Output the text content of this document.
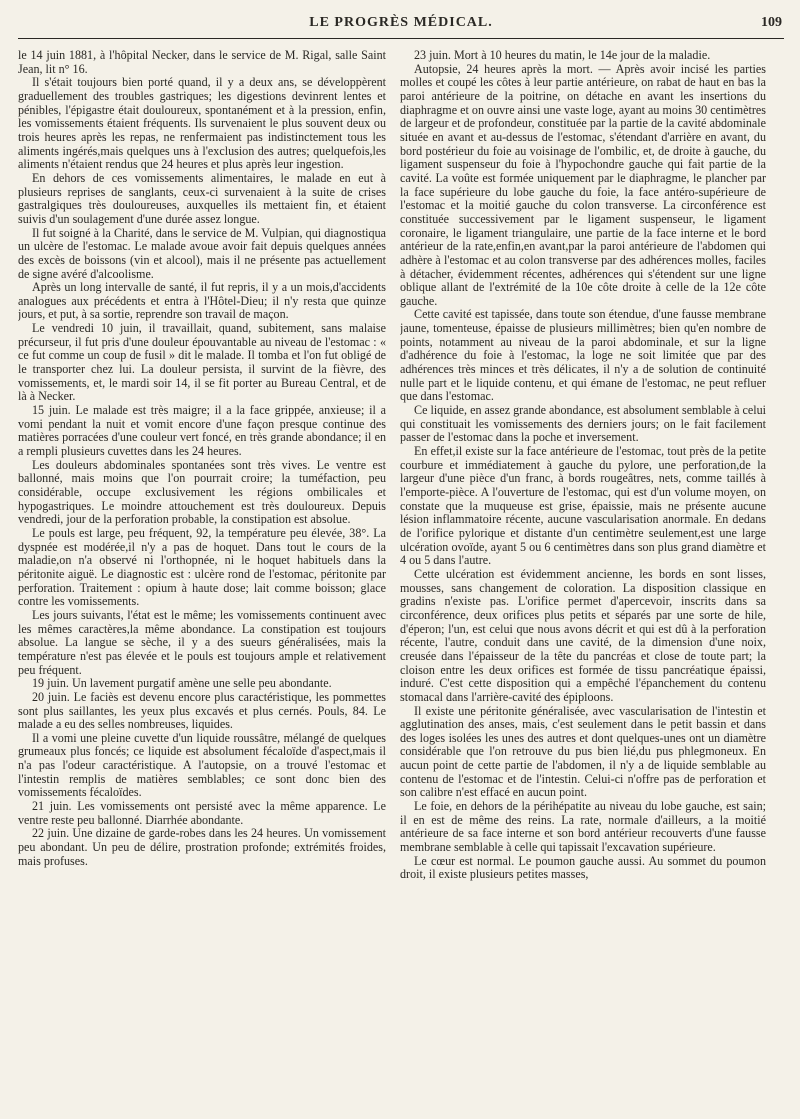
LE PROGRÈS MÉDICAL.	109

le 14 juin 1881, à l'hôpital Necker, dans le service de M. Rigal, salle Saint Jean, lit n° 16.

Il s'était toujours bien porté quand, il y a deux ans, se développèrent graduellement des troubles gastriques; les digestions devinrent lentes et pénibles, l'épigastre était douloureux, spontanément et à la pression, enfin, les vomissements étaient fréquents. Ils survenaient le plus souvent deux ou trois heures après les repas, ne renfermaient pas indistinctement tous les aliments ingérés,mais quelques uns à l'exclusion des autres; quelquefois,les aliments n'étaient rendus que 24 heures et plus après leur ingestion.

En dehors de ces vomissements alimentaires, le malade en eut à plusieurs reprises de sanglants, ceux-ci survenaient à la suite de crises gastralgiques très douloureuses, auxquelles ils mettaient fin, et étaient suivis d'un soulagement d'une durée assez longue.

Il fut soigné à la Charité, dans le service de M. Vulpian, qui diagnostiqua un ulcère de l'estomac. Le malade avoue avoir fait depuis quelques années des excès de boissons (vin et alcool), mais il ne présente pas actuellement de signe avéré d'alcoolisme.

Après un long intervalle de santé, il fut repris, il y a un mois,d'accidents analogues aux précédents et entra à l'Hôtel-Dieu; il n'y resta que quinze jours, et put, à sa sortie, reprendre son travail de maçon.

Le vendredi 10 juin, il travaillait, quand, subitement, sans malaise précurseur, il fut pris d'une douleur épouvantable au niveau de l'estomac : « ce fut comme un coup de fusil » dit le malade. Il tomba et l'on fut obligé de le transporter chez lui. La douleur persista, il survint de la fièvre, des vomissements, et, le mardi soir 14, il se fit porter au Bureau Central, et de là à Necker.

15 juin. Le malade est très maigre; il a la face grippée, anxieuse; il a vomi pendant la nuit et vomit encore d'une façon presque continue des matières porracées d'une couleur vert foncé, en très grande abondance; il en a rempli plusieurs cuvettes dans les 24 heures.

Les douleurs abdominales spontanées sont très vives. Le ventre est ballonné, mais moins que l'on pourrait croire; la tuméfaction, peu considérable, occupe exclusivement les régions ombilicales et hypogastriques. Le moindre attouchement est très douloureux. Depuis vendredi, jour de la perforation probable, la constipation est absolue.

Le pouls est large, peu fréquent, 92, la température peu élevée, 38°. La dyspnée est modérée,il n'y a pas de hoquet. Dans tout le cours de la maladie,on n'a observé ni l'orthopnée, ni le hoquet habituels dans la péritonite aiguë. Le diagnostic est : ulcère rond de l'estomac, péritonite par perforation. Traitement : opium à haute dose; lait comme boisson; glace contre les vomissements.

Les jours suivants, l'état est le même; les vomissements continuent avec les mêmes caractères,la même abondance. La constipation est toujours absolue. La langue se sèche, il y a des sueurs généralisées, mais la température n'est pas élevée et le pouls est toujours ample et relativement peu fréquent.

19 juin. Un lavement purgatif amène une selle peu abondante.

20 juin. Le faciès est devenu encore plus caractéristique, les pommettes sont plus saillantes, les yeux plus excavés et plus cernés. Pouls, 84. Le malade a eu des selles nombreuses, liquides.

Il a vomi une pleine cuvette d'un liquide roussâtre, mélangé de quelques grumeaux plus foncés; ce liquide est absolument fécaloïde d'aspect,mais il n'a pas l'odeur caractéristique. A l'autopsie, on a trouvé l'estomac et l'intestin remplis de matières semblables; ce sont donc bien des vomissements fécaloïdes.

21 juin. Les vomissements ont persisté avec la même apparence. Le ventre reste peu ballonné. Diarrhée abondante.

22 juin. Une dizaine de garde-robes dans les 24 heures. Un vomissement peu abondant. Un peu de délire, prostration profonde; extrémités froides, mais profuses.

23 juin. Mort à 10 heures du matin, le 14e jour de la maladie.

Autopsie, 24 heures après la mort. — Après avoir incisé les parties molles et coupé les côtes à leur partie antérieure, on rabat de haut en bas la paroi antérieure de la poitrine, on détache en avant les insertions du diaphragme et on ouvre ainsi une vaste loge, ayant au moins 30 centimètres de largeur et de profondeur, constituée par la partie de la cavité abdominale située en avant et au-dessus de l'estomac, s'étendant d'arrière en avant, du bord postérieur du foie au voisinage de l'ombilic, et, de droite à gauche, du ligament suspenseur du foie à l'hypochondre gauche qui fait partie de la cavité. La voûte est formée uniquement par le diaphragme, le plancher par la face supérieure du lobe gauche du foie, la face antéro-supérieure de l'estomac et la moitié gauche du colon transverse. La circonférence est constituée successivement par le ligament suspenseur, le ligament coronaire, le ligament triangulaire, une partie de la face interne et le bord antérieur de la rate,enfin,en avant,par la paroi antérieure de l'abdomen qui adhère à l'estomac et au colon transverse par des adhérences molles, faciles à détacher, évidemment récentes, adhérences qui s'étendent sur une ligne oblique allant de l'extrémité de la 10e côte droite à celle de la 12e côte gauche.

Cette cavité est tapissée, dans toute son étendue, d'une fausse membrane jaune, tomenteuse, épaisse de plusieurs millimètres; bien qu'en nombre de points, notamment au niveau de la paroi abdominale, et sur la ligne d'adhérence du foie à l'estomac, la loge ne soit limitée que par des adhérences très minces et très délicates, il n'y a de solution de continuité nulle part et le liquide contenu, et qui émane de l'estomac, ne peut refluer que dans l'estomac.

Ce liquide, en assez grande abondance, est absolument semblable à celui qui constituait les vomissements des derniers jours; on le fait facilement passer de l'estomac dans la poche et inversement.

En effet,il existe sur la face antérieure de l'estomac, tout près de la petite courbure et immédiatement à gauche du pylore, une perforation,de la largeur d'une pièce d'un franc, à bords rougeâtres, nets, comme taillés à l'emporte-pièce. A l'ouverture de l'estomac, qui est d'un volume moyen, on constate que la muqueuse est grise, épaissie, mais ne présente aucune lésion inflammatoire récente, aucune vascularisation anormale. En dedans de l'orifice pylorique et distante d'un centimètre seulement,est une large ulcération ovoïde, ayant 5 ou 6 centimètres dans son plus grand diamètre et 4 ou 5 dans l'autre.

Cette ulcération est évidemment ancienne, les bords en sont lisses, mousses, sans changement de coloration. La disposition classique en gradins n'existe pas. L'orifice permet d'apercevoir, inscrits dans sa circonférence, deux orifices plus petits et séparés par une sorte de hile, d'éperon; l'un, est celui que nous avons décrit et qui est dû à la perforation récente, l'autre, conduit dans une cavité, de la dimension d'une noix, creusée dans l'épaisseur de la tête du pancréas et close de toute part; la cloison entre les deux orifices est formée de tissu pancréatique épaissi, induré. C'est cette disposition qui a empêché l'épanchement du contenu stomacal dans l'arrière-cavité des épiploons.

Il existe une péritonite généralisée, avec vascularisation de l'intestin et agglutination des anses, mais, c'est seulement dans le petit bassin et dans des loges isolées les unes des autres et dont quelques-unes ont un diamètre considérable que l'on retrouve du pus bien lié,du pus phlegmoneux. En aucun point de cette partie de l'abdomen, il n'y a de liquide semblable au contenu de l'estomac et de l'intestin. Celui-ci n'offre pas de perforation et son calibre n'est effacé en aucun point.

Le foie, en dehors de la périhépatite au niveau du lobe gauche, est sain; il en est de même des reins. La rate, normale d'ailleurs, a la moitié antérieure de sa face interne et son bord antérieur recouverts d'une fausse membrane semblable à celle qui tapissait l'excavation supérieure.

Le cœur est normal. Le poumon gauche aussi. Au sommet du poumon droit, il existe plusieurs petites masses,
